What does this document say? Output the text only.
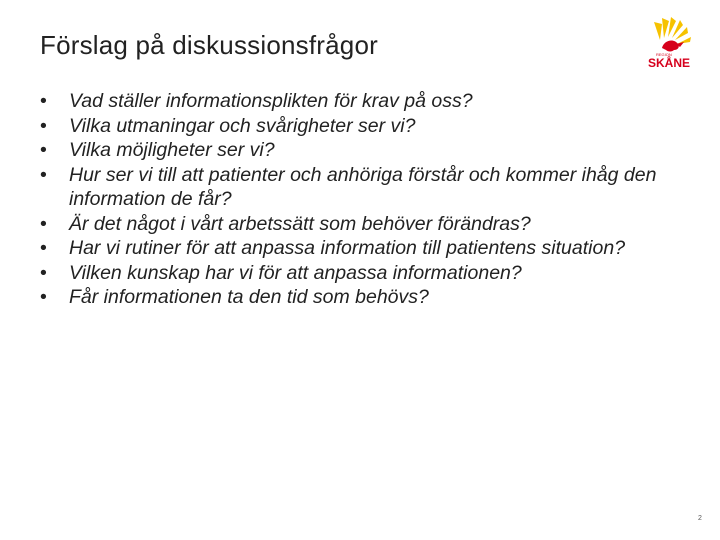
Förslag på diskussionsfrågor	REGION
SKÅNE
•	Vad ställer informationsplikten för krav på oss?
•	Vilka utmaningar och svårigheter ser vi?
•	Vilka möjligheter ser vi?
•	Hur ser vi till att patienter och anhöriga förstår och kommer ihåg den information de får?
•	Är det något i vårt arbetssätt som behöver förändras?
•	Har vi rutiner för att anpassa information till patientens situation?
•	Vilken kunskap har vi för att anpassa informationen?
•	Får informationen ta den tid som behövs?
2
